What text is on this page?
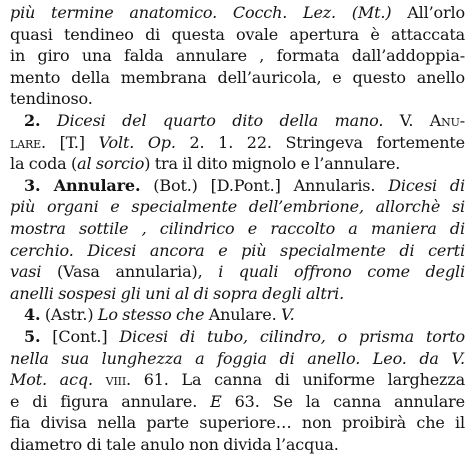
più termine anatomico. Cocch. Lez. (Mt.) All’orlo
quasi tendineo di questa ovale apertura è attaccata
in giro una falda annulare , formata dall’addoppia-
mento della membrana dell’auricola, e questo anello
tendinoso.
2. Dicesi del quarto dito della mano. V. Anu-
lare. [T.] Volt. Op. 2. 1. 22. Stringeva fortemente
la coda (al sorcio) tra il dito mignolo e l’annulare.
3. Annulare. (Bot.) [D.Pont.] Annularis. Dicesi di
più organi e specialmente dell’embrione, allorchè si
mostra sottile , cilindrico e raccolto a maniera di
cerchio. Dicesi ancora e più specialmente di certi
vasi (Vasa annularia), i quali offrono come degli
anelli sospesi gli uni al di sopra degli altri.
4. (Astr.) Lo stesso che Anulare. V.
5. [Cont.] Dicesi di tubo, cilindro, o prisma torto
nella sua lunghezza a foggia di anello. Leo. da V.
Mot. acq. viii. 61. La canna di uniforme larghezza
e di figura annulare. E 63. Se la canna annulare
fia divisa nella parte superiore… non proibirà che il
diametro di tale anulo non divida l’acqua.
